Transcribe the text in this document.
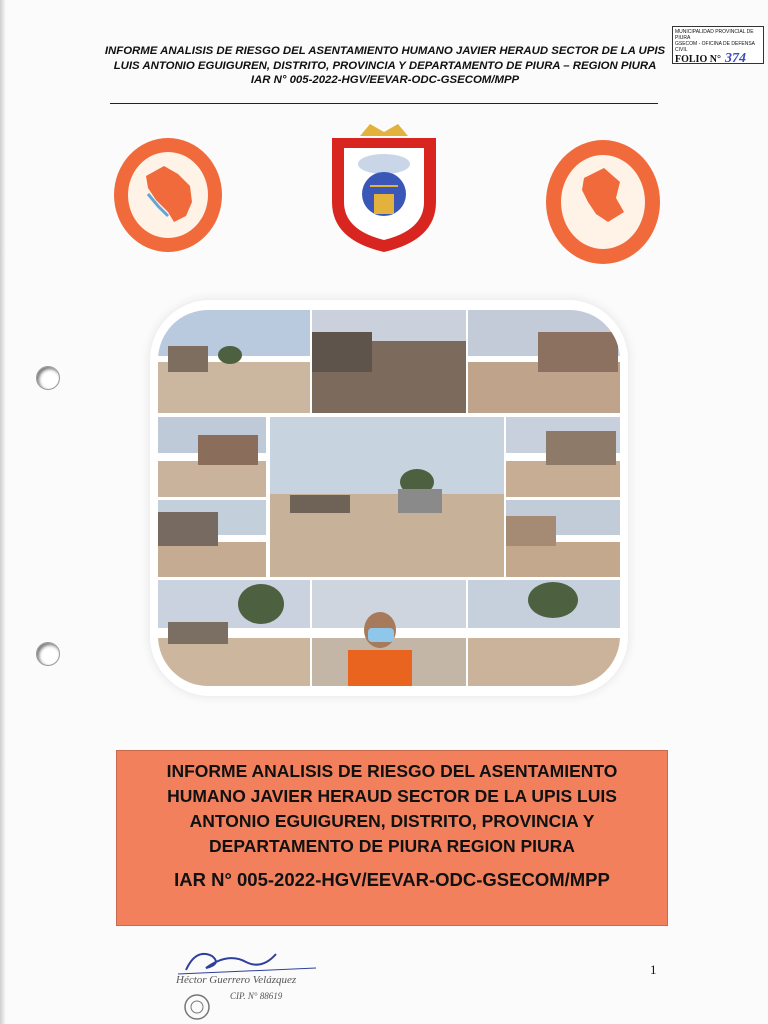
INFORME ANALISIS DE RIESGO DEL ASENTAMIENTO HUMANO JAVIER HERAUD SECTOR DE LA UPIS
LUIS ANTONIO EGUIGUREN, DISTRITO, PROVINCIA Y DEPARTAMENTO DE PIURA – REGION PIURA
IAR N° 005-2022-HGV/EEVAR-ODC-GSECOM/MPP
MUNICIPALIDAD PROVINCIAL DE PIURA
GSECOM - OFICINA DE DEFENSA CIVIL
FOLIO N° 374
INFORME ANALISIS DE RIESGO DEL ASENTAMIENTO HUMANO JAVIER HERAUD SECTOR DE LA UPIS LUIS ANTONIO EGUIGUREN, DISTRITO, PROVINCIA Y DEPARTAMENTO DE PIURA REGION PIURA
IAR N° 005-2022-HGV/EEVAR-ODC-GSECOM/MPP
1
Héctor Guerrero Velázquez
CIP. N° 88619
